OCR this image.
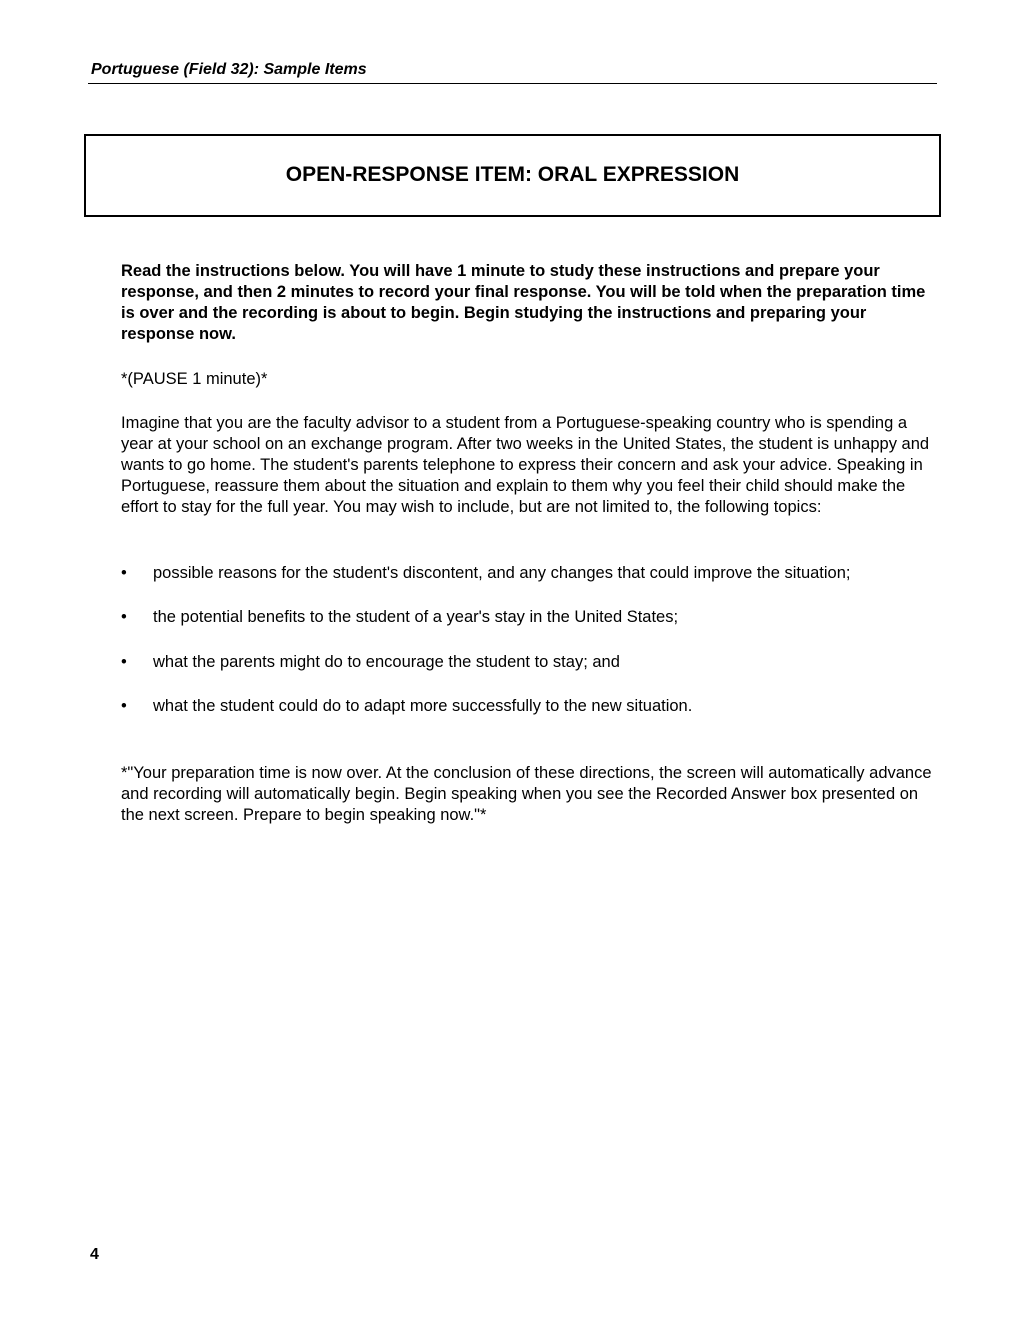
Portuguese (Field 32): Sample Items
OPEN-RESPONSE ITEM: ORAL EXPRESSION
Read the instructions below. You will have 1 minute to study these instructions and prepare your response, and then 2 minutes to record your final response. You will be told when the preparation time is over and the recording is about to begin. Begin studying the instructions and preparing your response now.
*(PAUSE 1 minute)*
Imagine that you are the faculty advisor to a student from a Portuguese-speaking country who is spending a year at your school on an exchange program. After two weeks in the United States, the student is unhappy and wants to go home. The student's parents telephone to express their concern and ask your advice. Speaking in Portuguese, reassure them about the situation and explain to them why you feel their child should make the effort to stay for the full year. You may wish to include, but are not limited to, the following topics:
• possible reasons for the student's discontent, and any changes that could improve the situation;
• the potential benefits to the student of a year's stay in the United States;
• what the parents might do to encourage the student to stay; and
• what the student could do to adapt more successfully to the new situation.
*"Your preparation time is now over. At the conclusion of these directions, the screen will automatically advance and recording will automatically begin. Begin speaking when you see the Recorded Answer box presented on the next screen. Prepare to begin speaking now."*
4
